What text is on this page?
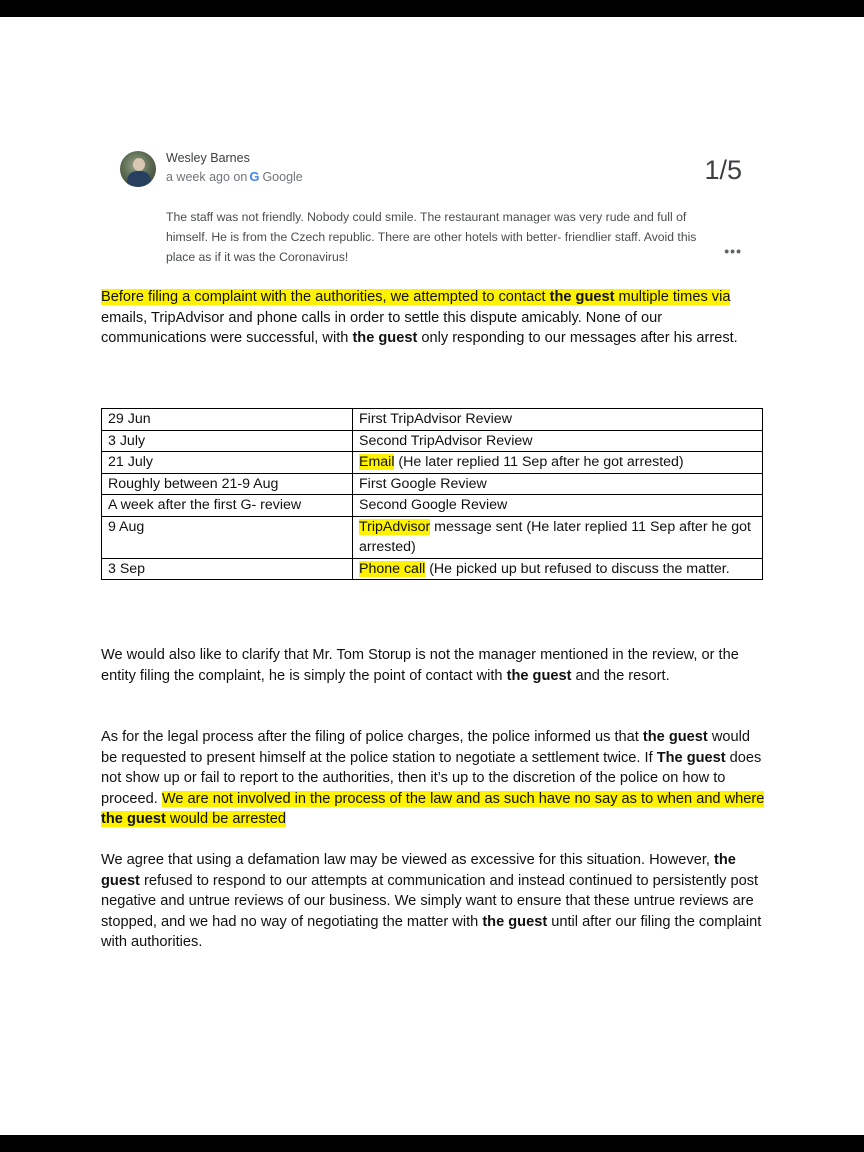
Wesley Barnes
a week ago on G Google	1/5
The staff was not friendly. Nobody could smile. The restaurant manager was very rude and full of himself. He is from the Czech republic. There are other hotels with better- friendlier staff. Avoid this place as if it was the Coronavirus!	•••

Before filing a complaint with the authorities, we attempted to contact the guest multiple times via emails, TripAdvisor and phone calls in order to settle this dispute amicably. None of our communications were successful, with the guest only responding to our messages after his arrest.

29 Jun	First TripAdvisor Review
3 July	Second TripAdvisor Review
21 July	Email (He later replied 11 Sep after he got arrested)
Roughly between 21-9 Aug	First Google Review
A week after the first G- review	Second Google Review
9 Aug	TripAdvisor message sent (He later replied 11 Sep after he got arrested)
3 Sep	Phone call (He picked up but refused to discuss the matter.

We would also like to clarify that Mr. Tom Storup is not the manager mentioned in the review, or the entity filing the complaint, he is simply the point of contact with the guest and the resort.

As for the legal process after the filing of police charges, the police informed us that the guest would be requested to present himself at the police station to negotiate a settlement twice. If The guest does not show up or fail to report to the authorities, then it’s up to the discretion of the police on how to proceed. We are not involved in the process of the law and as such have no say as to when and where the guest would be arrested

We agree that using a defamation law may be viewed as excessive for this situation. However, the guest refused to respond to our attempts at communication and instead continued to persistently post negative and untrue reviews of our business. We simply want to ensure that these untrue reviews are stopped, and we had no way of negotiating the matter with the guest until after our filing the complaint with authorities.
